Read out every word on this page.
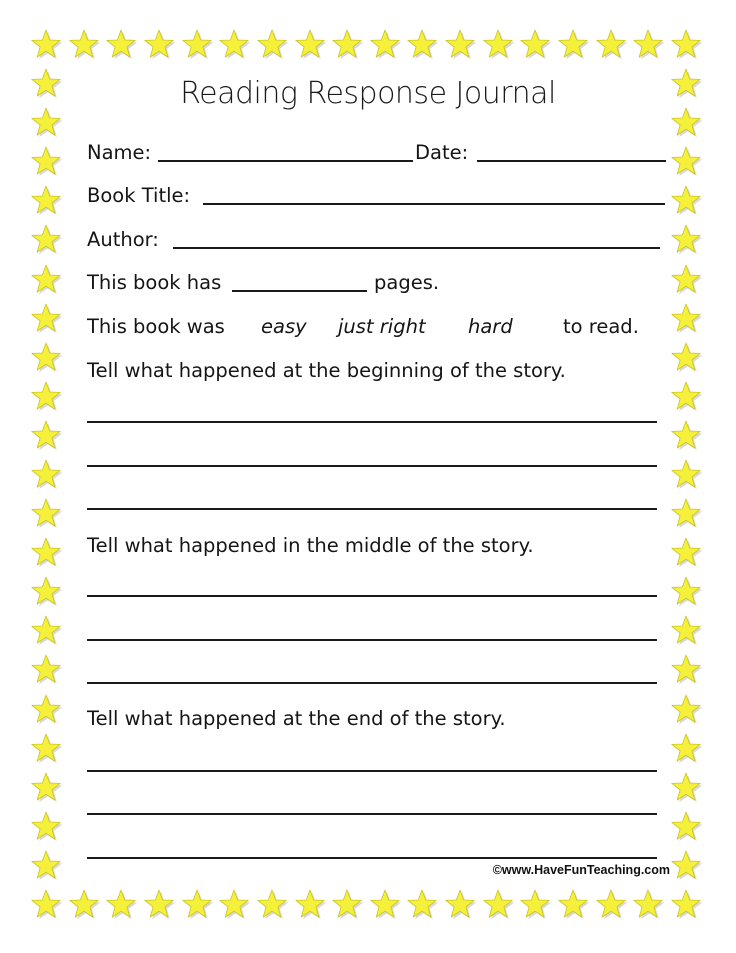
Reading Response Journal
Name:	Date:
Book Title:
Author:
This book has	pages.
This book was easy just right hard	to read.
Tell what happened at the beginning of the story.
Tell what happened in the middle of the story.
Tell what happened at the end of the story.
©www.HaveFunTeaching.com
